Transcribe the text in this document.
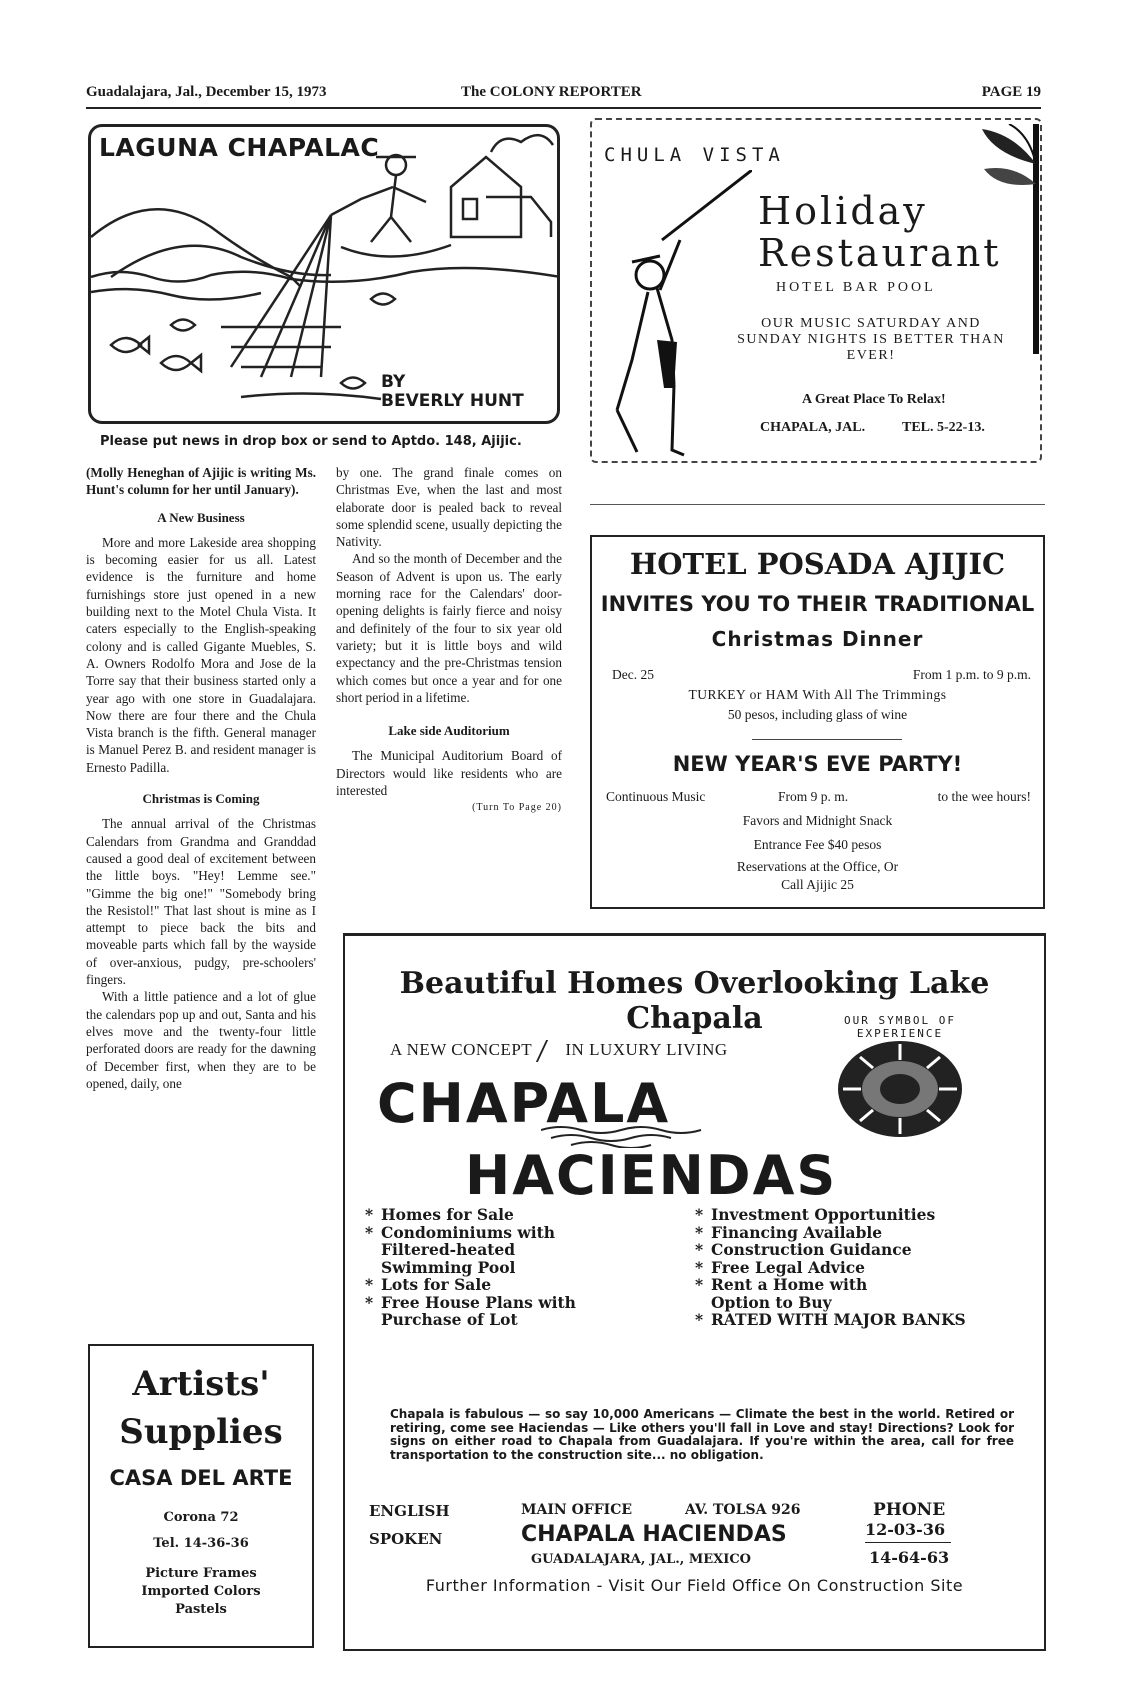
Guadalajara, Jal., December 15, 1973	The COLONY REPORTER	PAGE 19
LAGUNA CHAPALAC
BY
BEVERLY HUNT
Please put news in drop box or send to Aptdo. 148, Ajijic.

(Molly Heneghan of Ajijic is writing Ms. Hunt's column for her until January).

A New Business

More and more Lakeside area shopping is becoming easier for us all. Latest evidence is the furniture and home furnishings store just opened in a new building next to the Motel Chula Vista. It caters especially to the English-speaking colony and is called Gigante Muebles, S. A. Owners Rodolfo Mora and Jose de la Torre say that their business started only a year ago with one store in Guadalajara. Now there are four there and the Chula Vista branch is the fifth. General manager is Manuel Perez B. and resident manager is Ernesto Padilla.

Christmas is Coming

The annual arrival of the Christmas Calendars from Grandma and Granddad caused a good deal of excitement between the little boys. "Hey! Lemme see." "Gimme the big one!" "Somebody bring the Resistol!" That last shout is mine as I attempt to piece back the bits and moveable parts which fall by the wayside of over-anxious, pudgy, pre-schoolers' fingers.

With a little patience and a lot of glue the calendars pop up and out, Santa and his elves move and the twenty-four little perforated doors are ready for the dawning of December first, when they are to be opened, daily, one

by one. The grand finale comes on Christmas Eve, when the last and most elaborate door is pealed back to reveal some splendid scene, usually depicting the Nativity.

And so the month of December and the Season of Advent is upon us. The early morning race for the Calendars' door-opening delights is fairly fierce and noisy and definitely of the four to six year old variety; but it is little boys and wild expectancy and the pre-Christmas tension which comes but once a year and for one short period in a lifetime.

Lake side Auditorium

The Municipal Auditorium Board of Directors would like residents who are interested

(Turn To Page 20)
CHULA VISTA
Holiday
Restaurant
HOTEL BAR POOL
OUR MUSIC SATURDAY AND SUNDAY NIGHTS IS BETTER THAN EVER!
A Great Place To Relax!
CHAPALA, JAL.	TEL. 5-22-13.
HOTEL POSADA AJIJIC
INVITES YOU TO THEIR TRADITIONAL
Christmas Dinner
Dec. 25	From 1 p.m. to 9 p.m.
TURKEY or HAM With All The Trimmings
50 pesos, including glass of wine
NEW YEAR'S EVE PARTY!
Continuous Music	From 9 p. m.	to the wee hours!
Favors and Midnight Snack
Entrance Fee $40 pesos
Reservations at the Office, Or
Call Ajijic 25
Artists'
Supplies
CASA DEL ARTE
Corona 72
Tel. 14-36-36
Picture Frames
Imported Colors
Pastels
Beautiful Homes Overlooking Lake Chapala
A NEW CONCEPT IN LUXURY LIVING
CHAPALA
HACIENDAS
OUR SYMBOL OF EXPERIENCE
* Homes for Sale
* Condominiums with
Filtered-heated
Swimming Pool
* Lots for Sale
* Free House Plans with
Purchase of Lot
* Investment Opportunities
* Financing Available
* Construction Guidance
* Free Legal Advice
* Rent a Home with
Option to Buy
* RATED WITH MAJOR BANKS
Chapala is fabulous — so say 10,000 Americans — Climate the best in the world. Retired or retiring, come see Haciendas — Like others you'll fall in Love and stay! Directions? Look for signs on either road to Chapala from Guadalajara. If you're within the area, call for free transportation to the construction site... no obligation.
ENGLISH
SPOKEN
MAIN OFFICE	AV. TOLSA 926
CHAPALA HACIENDAS
GUADALAJARA, JAL., MEXICO
PHONE
12-03-36
14-64-63
Further Information - Visit Our Field Office On Construction Site
